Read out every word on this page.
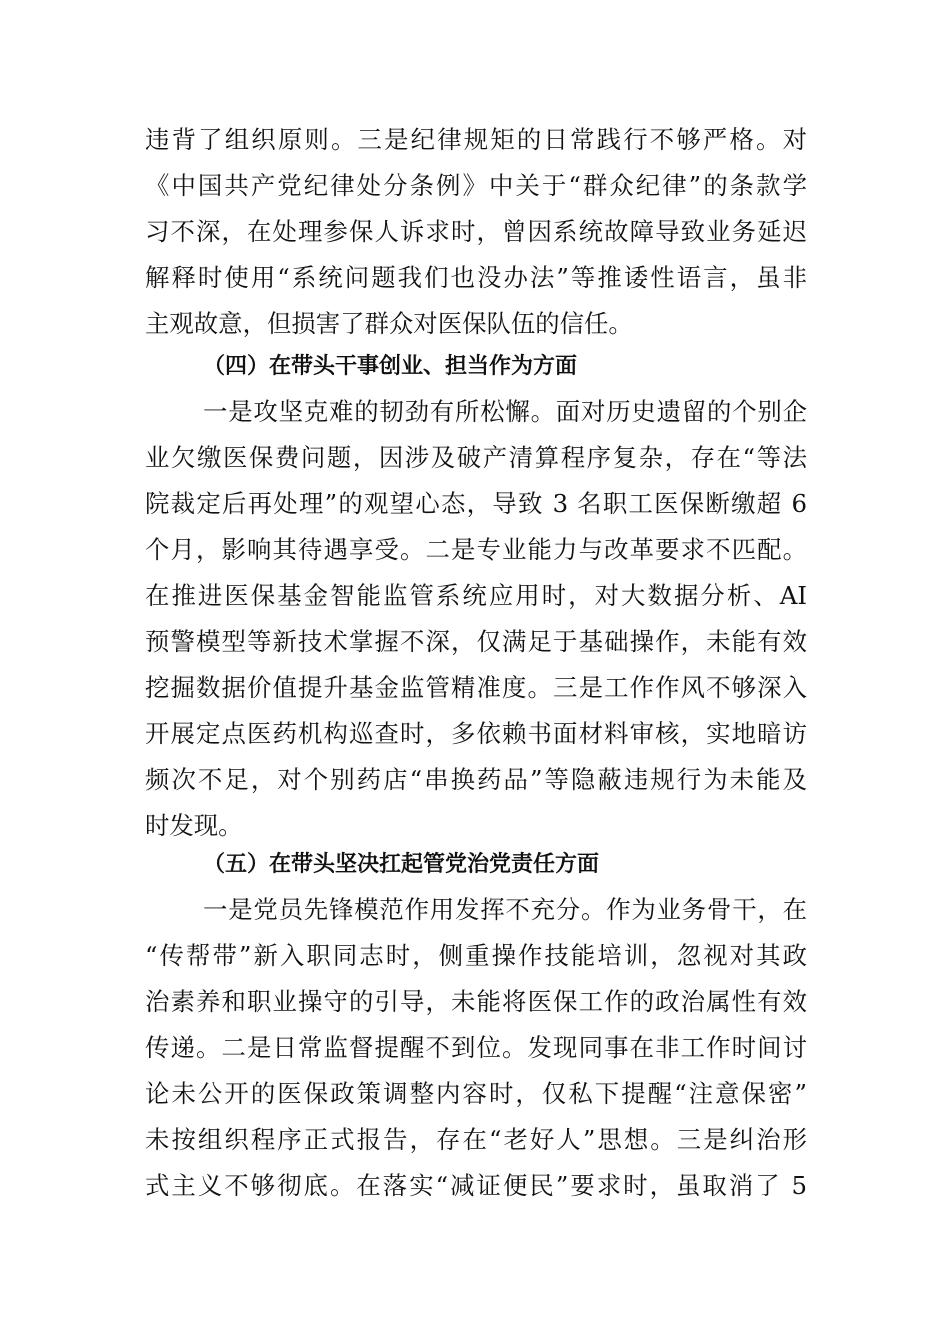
违背了组织原则。三是纪律规矩的日常践行不够严格。对
《中国共产党纪律处分条例》中关于“群众纪律”的条款学
习不深，在处理参保人诉求时，曾因系统故障导致业务延迟
解释时使用“系统问题我们也没办法”等推诿性语言，虽非
主观故意，但损害了群众对医保队伍的信任。
（四）在带头干事创业、担当作为方面
一是攻坚克难的韧劲有所松懈。面对历史遗留的个别企
业欠缴医保费问题，因涉及破产清算程序复杂，存在“等法
院裁定后再处理”的观望心态，导致 3 名职工医保断缴超 6
个月，影响其待遇享受。二是专业能力与改革要求不匹配。
在推进医保基金智能监管系统应用时，对大数据分析、AI
预警模型等新技术掌握不深，仅满足于基础操作，未能有效
挖掘数据价值提升基金监管精准度。三是工作作风不够深入
开展定点医药机构巡查时，多依赖书面材料审核，实地暗访
频次不足，对个别药店“串换药品”等隐蔽违规行为未能及
时发现。
（五）在带头坚决扛起管党治党责任方面
一是党员先锋模范作用发挥不充分。作为业务骨干，在
“传帮带”新入职同志时，侧重操作技能培训，忽视对其政
治素养和职业操守的引导，未能将医保工作的政治属性有效
传递。二是日常监督提醒不到位。发现同事在非工作时间讨
论未公开的医保政策调整内容时，仅私下提醒“注意保密”
未按组织程序正式报告，存在“老好人”思想。三是纠治形
式主义不够彻底。在落实“减证便民”要求时，虽取消了 5
